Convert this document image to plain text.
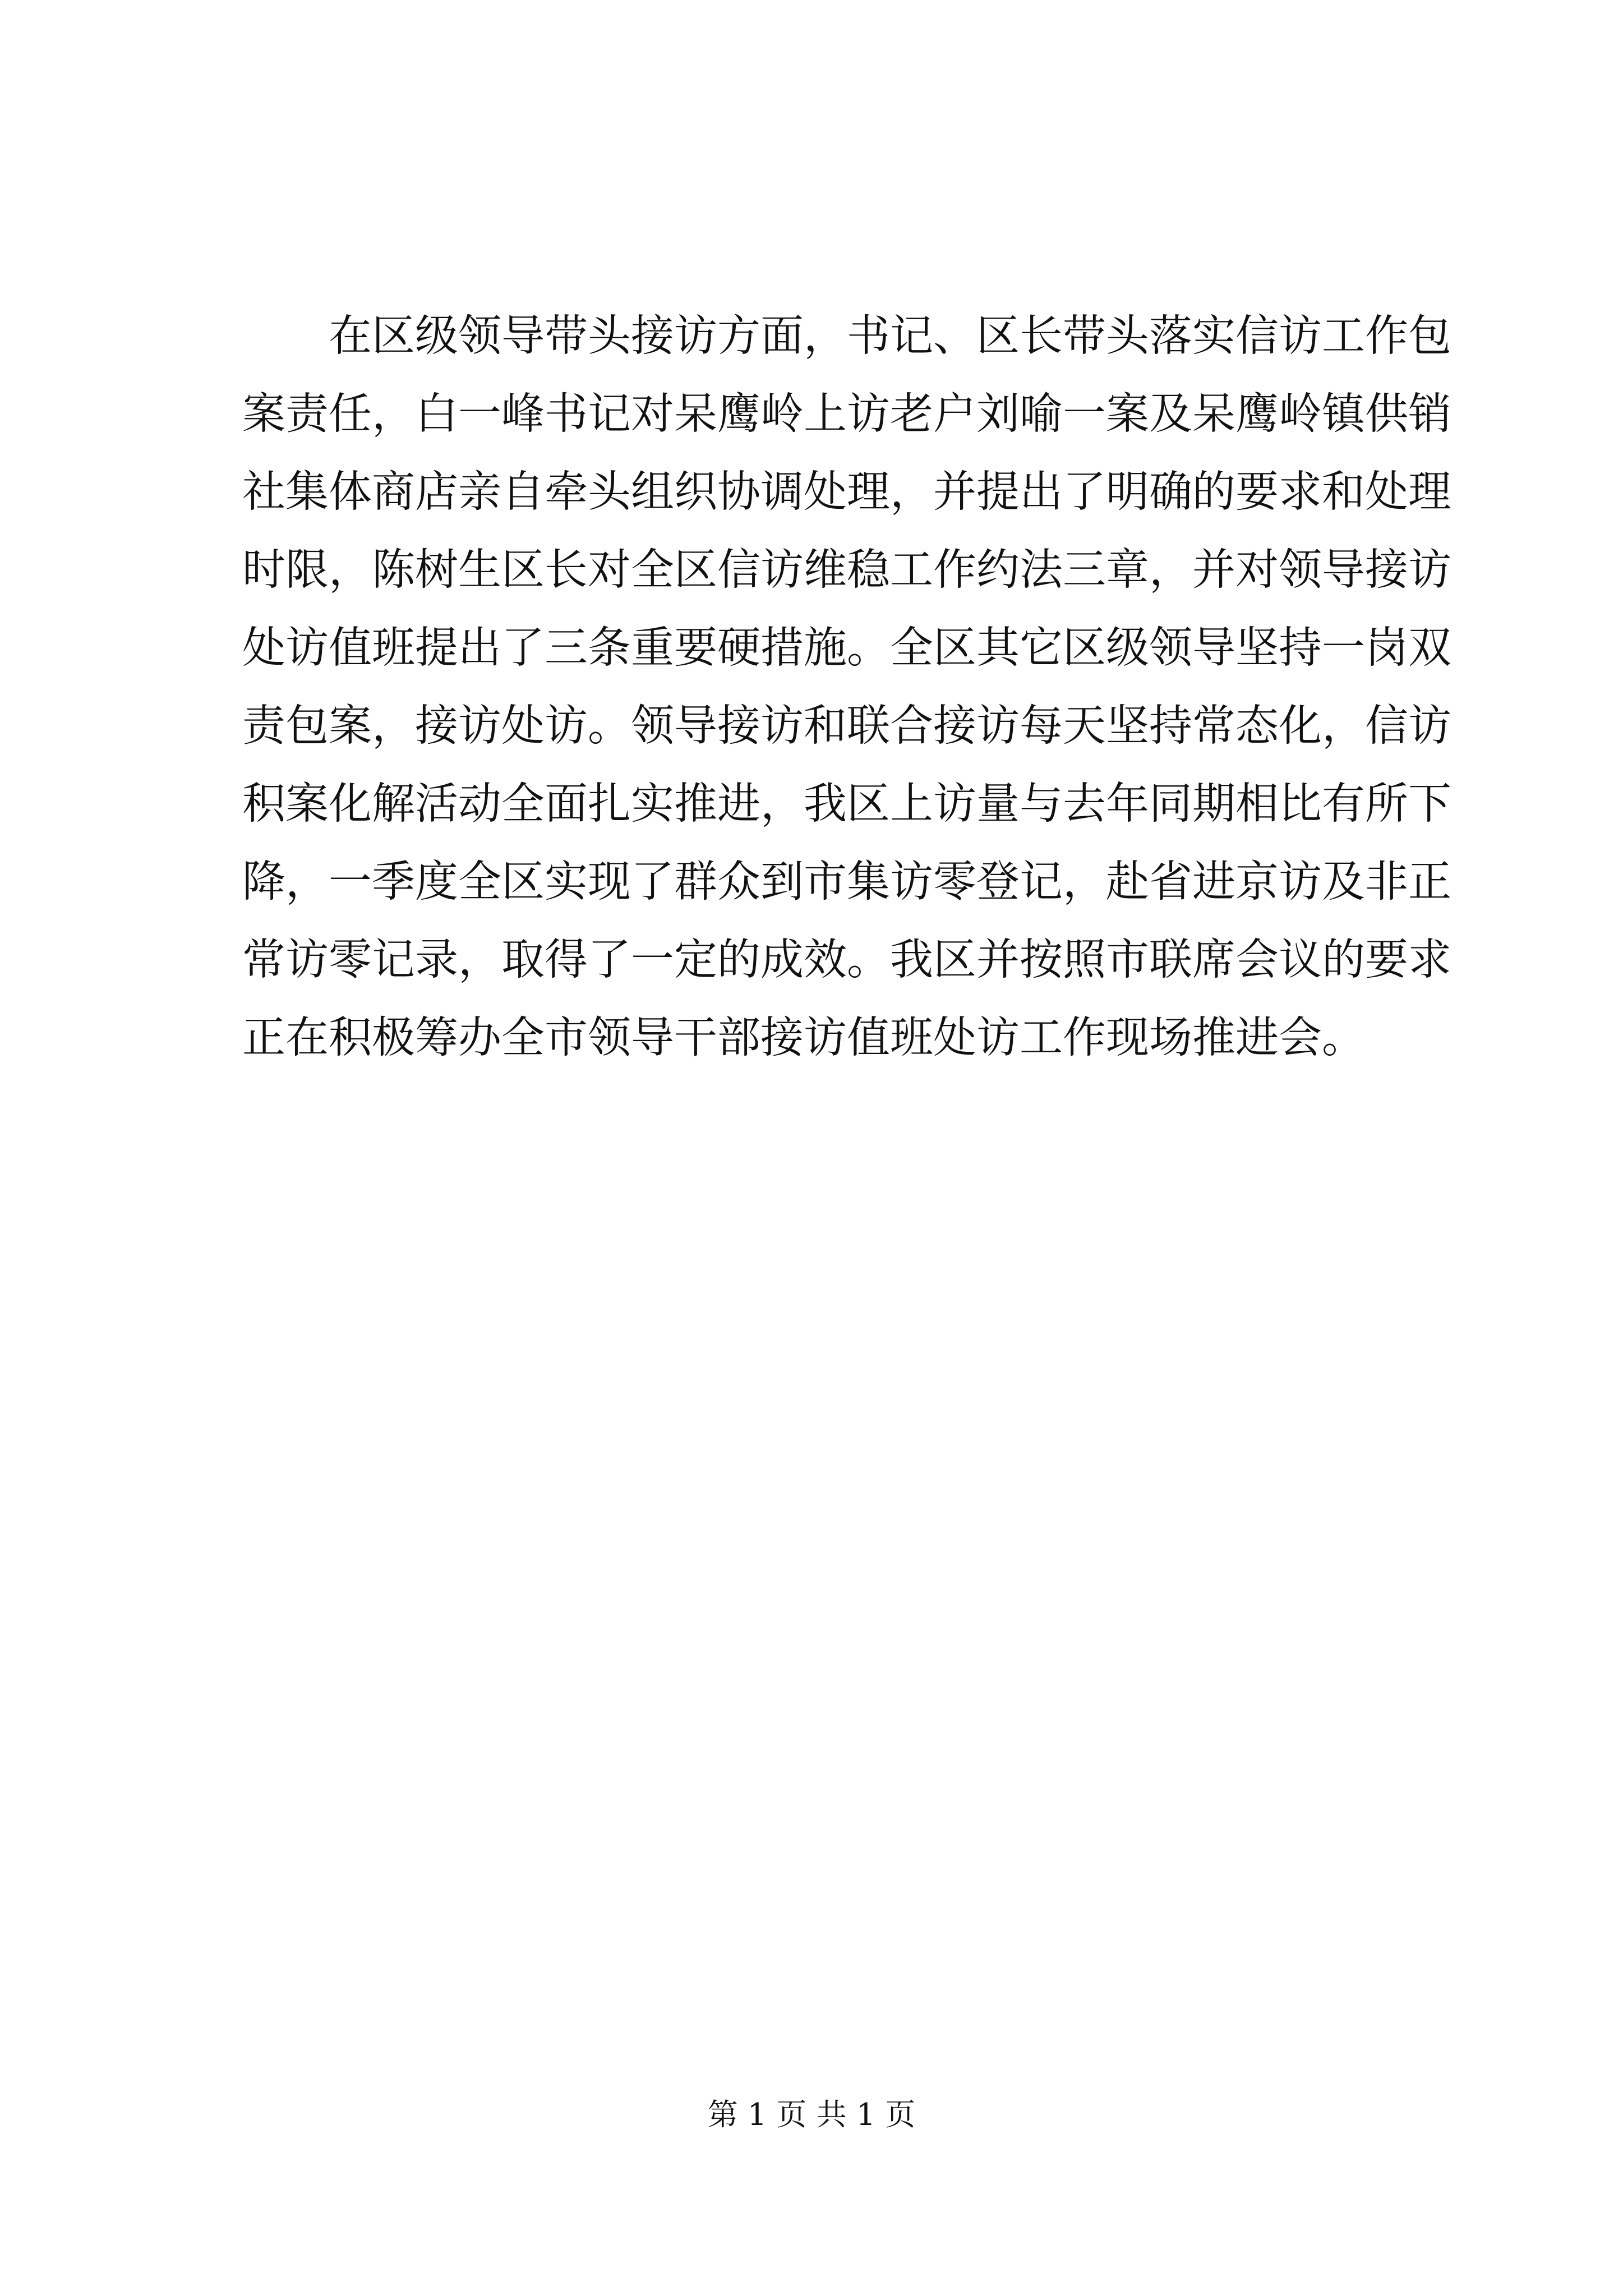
在区级领导带头接访方面，书记、区长带头落实信访工作包
案责任，白一峰书记对呆鹰岭上访老户刘喻一案及呆鹰岭镇供销
社集体商店亲自牵头组织协调处理，并提出了明确的要求和处理
时限，陈树生区长对全区信访维稳工作约法三章，并对领导接访
处访值班提出了三条重要硬措施。全区其它区级领导坚持一岗双
责包案，接访处访。领导接访和联合接访每天坚持常态化，信访
积案化解活动全面扎实推进，我区上访量与去年同期相比有所下
降，一季度全区实现了群众到市集访零登记，赴省进京访及非正
常访零记录，取得了一定的成效。我区并按照市联席会议的要求
正在积极筹办全市领导干部接访值班处访工作现场推进会。
第 1 页 共 1 页
